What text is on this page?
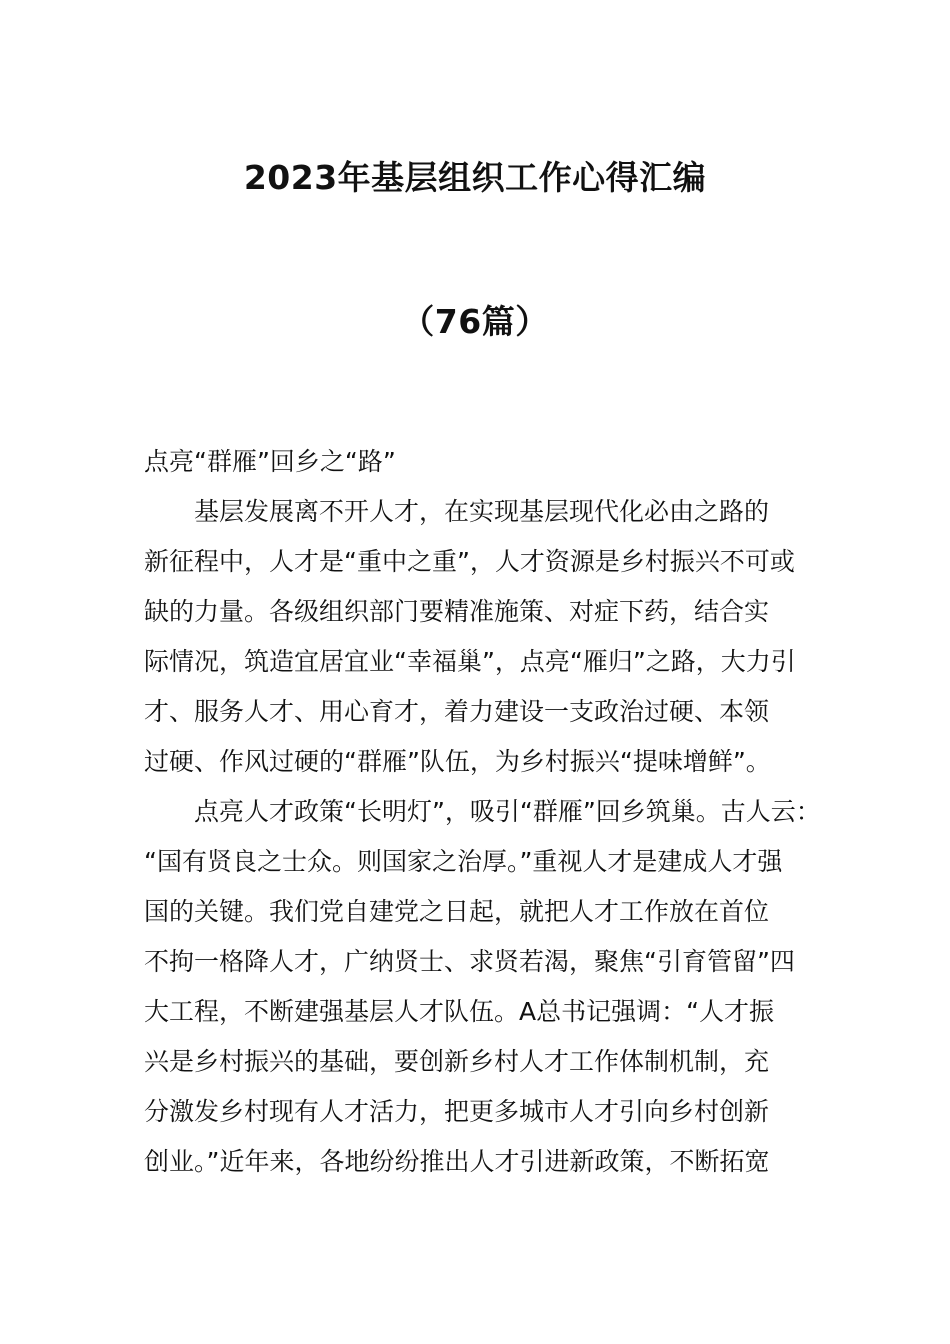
2023年基层组织工作心得汇编
（76篇）
点亮“群雁”回乡之“路”
基层发展离不开人才，在实现基层现代化必由之路的
新征程中，人才是“重中之重”，人才资源是乡村振兴不可或
缺的力量。各级组织部门要精准施策、对症下药，结合实
际情况，筑造宜居宜业“幸福巢”，点亮“雁归”之路，大力引
才、服务人才、用心育才，着力建设一支政治过硬、本领
过硬、作风过硬的“群雁”队伍，为乡村振兴“提味增鲜”。
点亮人才政策“长明灯”，吸引“群雁”回乡筑巢。古人云：
“国有贤良之士众。则国家之治厚。”重视人才是建成人才强
国的关键。我们党自建党之日起，就把人才工作放在首位
不拘一格降人才，广纳贤士、求贤若渴，聚焦“引育管留”四
大工程，不断建强基层人才队伍。A总书记强调：“人才振
兴是乡村振兴的基础，要创新乡村人才工作体制机制，充
分激发乡村现有人才活力，把更多城市人才引向乡村创新
创业。”近年来，各地纷纷推出人才引进新政策，不断拓宽
